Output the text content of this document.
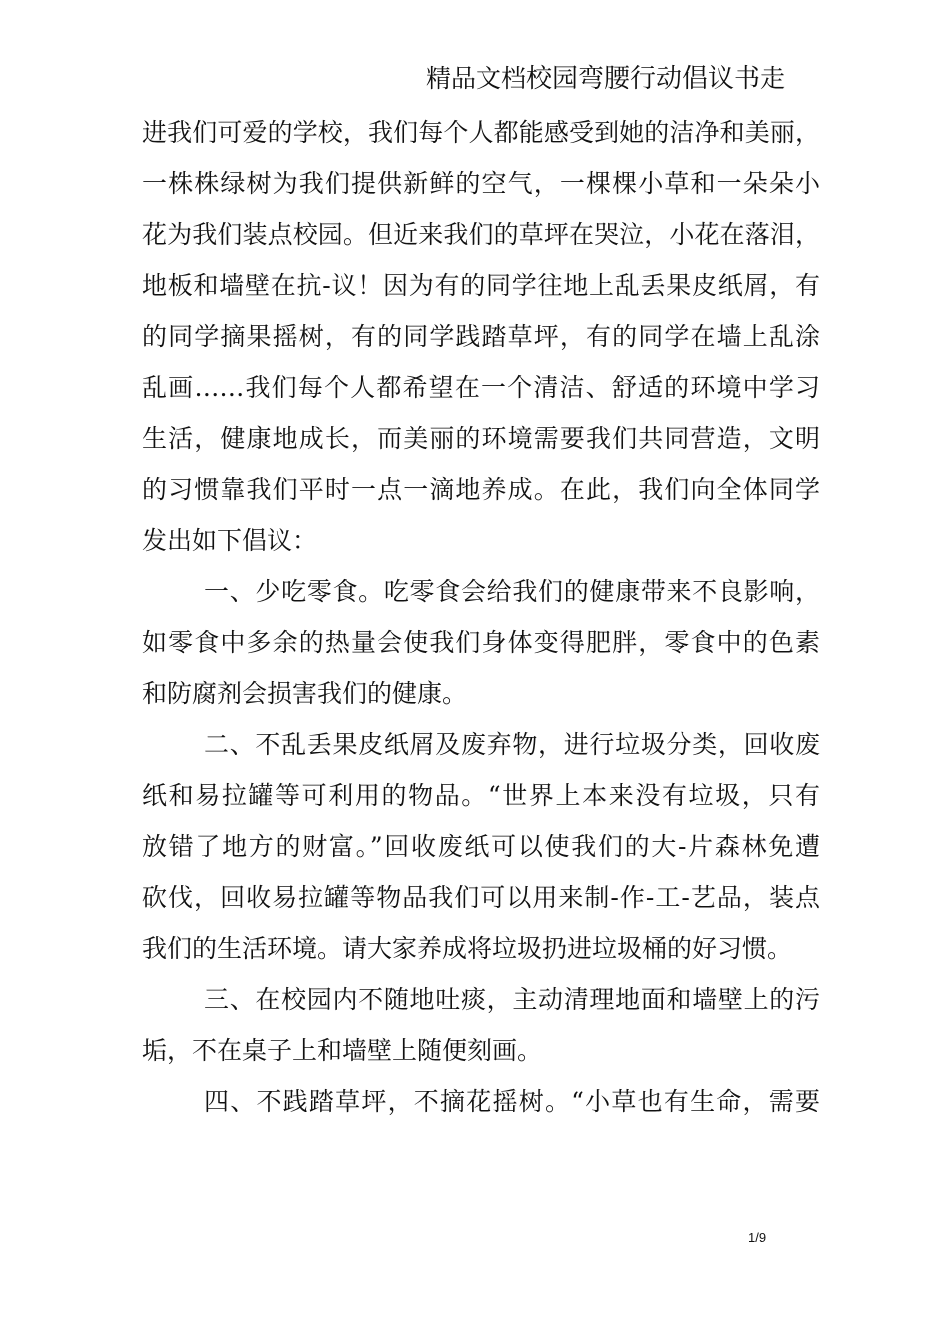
精品文档校园弯腰行动倡议书走
进我们可爱的学校，我们每个人都能感受到她的洁净和美丽，
一株株绿树为我们提供新鲜的空气，一棵棵小草和一朵朵小
花为我们装点校园。但近来我们的草坪在哭泣，小花在落泪，
地板和墙壁在抗-议！因为有的同学往地上乱丢果皮纸屑，有
的同学摘果摇树，有的同学践踏草坪，有的同学在墙上乱涂
乱画……我们每个人都希望在一个清洁、舒适的环境中学习
生活，健康地成长，而美丽的环境需要我们共同营造，文明
的习惯靠我们平时一点一滴地养成。在此，我们向全体同学
发出如下倡议：
一、少吃零食。吃零食会给我们的健康带来不良影响，
如零食中多余的热量会使我们身体变得肥胖，零食中的色素
和防腐剂会损害我们的健康。
二、不乱丢果皮纸屑及废弃物，进行垃圾分类，回收废
纸和易拉罐等可利用的物品。“世界上本来没有垃圾，只有
放错了地方的财富。”回收废纸可以使我们的大-片森林免遭
砍伐，回收易拉罐等物品我们可以用来制-作-工-艺品，装点
我们的生活环境。请大家养成将垃圾扔进垃圾桶的好习惯。
三、在校园内不随地吐痰，主动清理地面和墙壁上的污
垢，不在桌子上和墙壁上随便刻画。
四、不践踏草坪，不摘花摇树。“小草也有生命，需要
1/9
